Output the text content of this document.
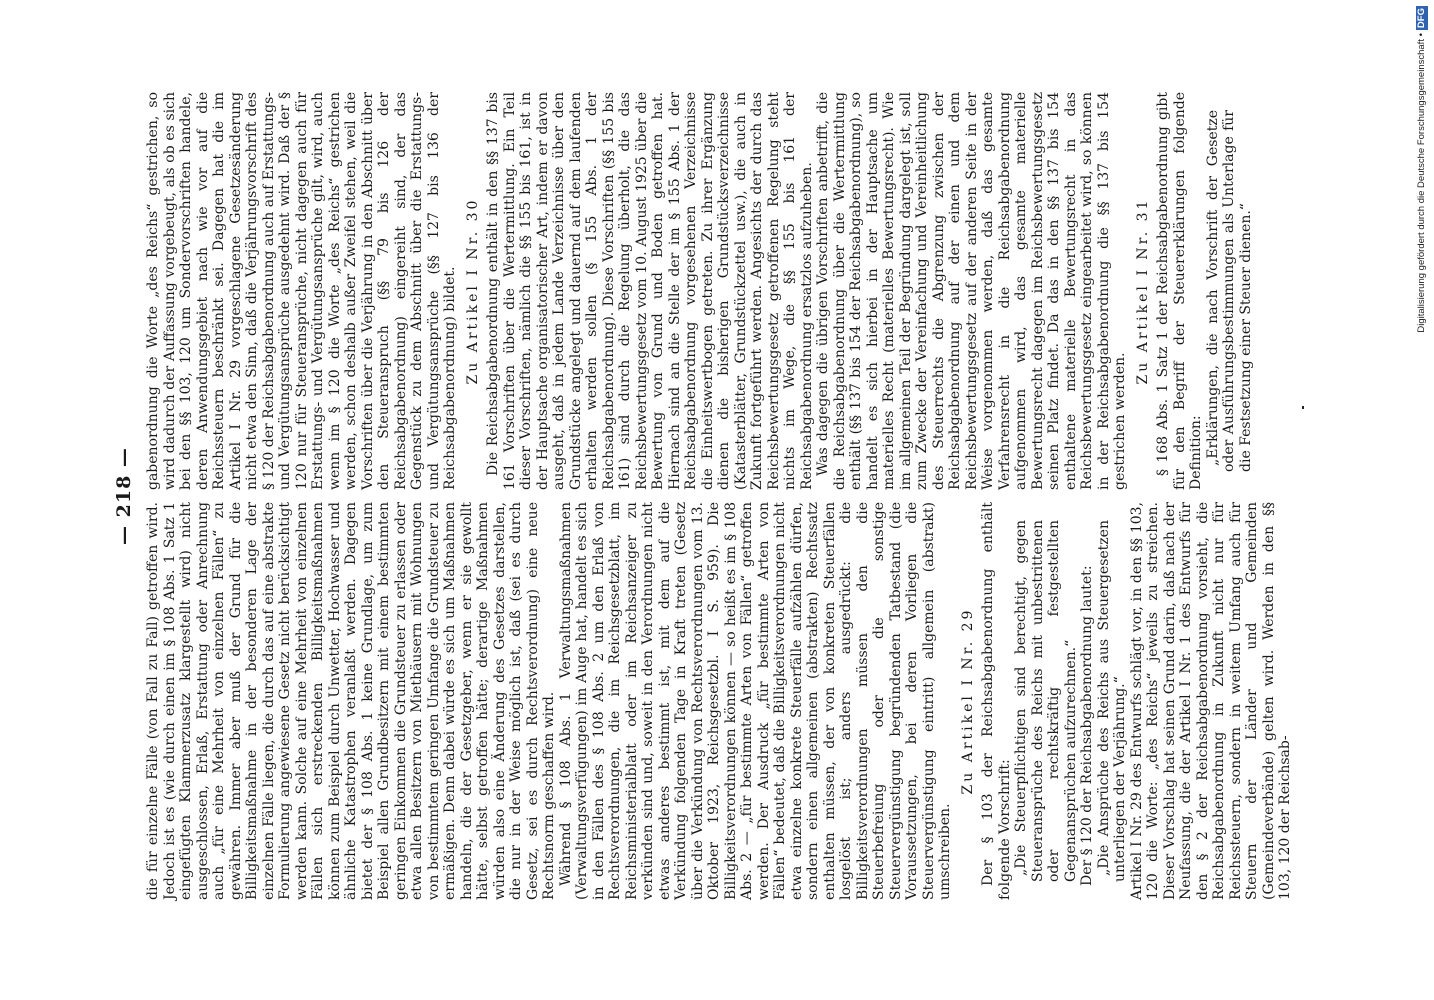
— 218 —

die für einzelne Fälle (von Fall zu Fall) getroffen wird. Jedoch ist es (wie durch einen im § 108 Abs. 1 Satz 1 eingefügten Klammerzusatz klargestellt wird) nicht ausgeschlossen, Erlaß, Erstattung oder Anrechnung auch „für eine Mehrheit von einzelnen Fällen“ zu gewähren. Immer aber muß der Grund für die Billigkeitsmaßnahme in der besonderen Lage der einzelnen Fälle liegen, die durch das auf eine abstrakte Formulierung angewiesene Gesetz nicht berücksichtigt werden kann. Solche auf eine Mehrheit von einzelnen Fällen sich erstreckenden Billigkeitsmaßnahmen können zum Beispiel durch Unwetter, Hochwasser und ähnliche Katastrophen veranlaßt werden. Dagegen bietet der § 108 Abs. 1 keine Grundlage, um zum Beispiel allen Grundbesitzern mit einem bestimmten geringen Einkommen die Grundsteuer zu erlassen oder etwa allen Besitzern von Miethäusern mit Wohnungen von bestimmtem geringen Umfange die Grundsteuer zu ermäßigen. Denn dabei würde es sich um Maßnahmen handeln, die der Gesetzgeber, wenn er sie gewollt hätte, selbst getroffen hätte; derartige Maßnahmen würden also eine Änderung des Gesetzes darstellen, die nur in der Weise möglich ist, daß (sei es durch Gesetz, sei es durch Rechtsverordnung) eine neue Rechtsnorm geschaffen wird. Während § 108 Abs. 1 Verwaltungsmaßnahmen (Verwaltungsverfügungen) im Auge hat, handelt es sich in den Fällen des § 108 Abs. 2 um den Erlaß von Rechtsverordnungen, die im Reichsgesetzblatt, im Reichsministerialblatt oder im Reichsanzeiger zu verkünden sind und, soweit in den Verordnungen nicht etwas anderes bestimmt ist, mit dem auf die Verkündung folgenden Tage in Kraft treten (Gesetz über die Verkündung von Rechtsverordnungen vom 13. Oktober 1923, Reichsgesetzbl. I S. 959). Die Billigkeitsverordnungen können — so heißt es im § 108 Abs. 2 — „für bestimmte Arten von Fällen“ getroffen werden. Der Ausdruck „für bestimmte Arten von Fällen“ bedeutet, daß die Billigkeitsverordnungen nicht etwa einzelne konkrete Steuerfälle aufzählen dürfen, sondern einen allgemeinen (abstrakten) Rechtssatz enthalten müssen, der von konkreten Steuerfällen losgelöst ist; anders ausgedrückt: die Billigkeitsverordnungen müssen den die Steuerbefreiung oder die sonstige Steuervergünstigung begründenden Tatbestand (die Voraussetzungen, bei deren Vorliegen die Steuervergünstigung eintritt) allgemein (abstrakt) umschreiben.

Zu Artikel I Nr. 29 Der § 103 der Reichsabgabenordnung enthält folgende Vorschrift: „Die Steuerpflichtigen sind berechtigt, gegen Steueransprüche des Reichs mit unbestrittenen oder rechtskräftig festgestellten Gegenansprüchen aufzurechnen.“ Der § 120 der Reichsabgabenordnung lautet: „Die Ansprüche des Reichs aus Steuergesetzen unterliegen der Verjährung.“ Artikel I Nr. 29 des Entwurfs schlägt vor, in den §§ 103, 120 die Worte: „des Reichs“ jeweils zu streichen. Dieser Vorschlag hat seinen Grund darin, daß nach der Neufassung, die der Artikel I Nr. 1 des Entwurfs für den § 2 der Reichsabgabenordnung vorsieht, die Reichsabgabenordnung in Zukunft nicht nur für Reichssteuern, sondern in weitem Umfang auch für Steuern der Länder und Gemeinden (Gemeindeverbände) gelten wird. Werden in den §§ 103, 120 der Reichsab-

gabenordnung die Worte „des Reichs“ gestrichen, so wird dadurch der Auffassung vorgebeugt, als ob es sich bei den §§ 103, 120 um Sondervorschriften handele, deren Anwendungsgebiet nach wie vor auf die Reichssteuern beschränkt sei. Dagegen hat die im Artikel I Nr. 29 vorgeschlagene Gesetzesänderung nicht etwa den Sinn, daß die Verjährungsvorschrift des § 120 der Reichsabgabenordnung auch auf Erstattungs- und Vergütungsansprüche ausgedehnt wird. Daß der § 120 nur für Steueransprüche, nicht dagegen auch für Erstattungs- und Vergütungsansprüche gilt, wird, auch wenn im § 120 die Worte „des Reichs“ gestrichen werden, schon deshalb außer Zweifel stehen, weil die Vorschriften über die Verjährung in den Abschnitt über den Steueranspruch (§§ 79 bis 126 der Reichsabgabenordnung) eingereiht sind, der das Gegenstück zu dem Abschnitt über die Erstattungs- und Vergütungsansprüche (§§ 127 bis 136 der Reichsabgabenordnung) bildet. Zu Artikel I Nr. 30 Die Reichsabgabenordnung enthält in den §§ 137 bis 161 Vorschriften über die Wertermittlung. Ein Teil dieser Vorschriften, nämlich die §§ 155 bis 161, ist in der Hauptsache organisatorischer Art, indem er davon ausgeht, daß in jedem Lande Verzeichnisse über den Grundstücke angelegt und dauernd auf dem laufenden erhalten werden sollen (§ 155 Abs. 1 der Reichsabgabenordnung). Diese Vorschriften (§§ 155 bis 161) sind durch die Regelung überholt, die das Reichsbewertungsgesetz vom 10. August 1925 über die Bewertung von Grund und Boden getroffen hat. Hiernach sind an die Stelle der im § 155 Abs. 1 der Reichsabgabenordnung vorgesehenen Verzeichnisse die Einheitswertbogen getreten. Zu ihrer Ergänzung dienen die bisherigen Grundstücksverzeichnisse (Katasterblätter, Grundstückzettel usw.), die auch in Zukunft fortgeführt werden. Angesichts der durch das Reichsbewertungsgesetz getroffenen Regelung steht nichts im Wege, die §§ 155 bis 161 der Reichsabgabenordnung ersatzlos aufzuheben. Was dagegen die übrigen Vorschriften anbetrifft, die die Reichsabgabenordnung über die Wertermittlung enthält (§§ 137 bis 154 der Reichsabgabenordnung), so handelt es sich hierbei in der Hauptsache um materielles Recht (materielles Bewertungsrecht). Wie im allgemeinen Teil der Begründung dargelegt ist, soll zum Zwecke der Vereinfachung und Vereinheitlichung des Steuerrechts die Abgrenzung zwischen der Reichsabgabenordnung auf der einen und dem Reichsbewertungsgesetz auf der anderen Seite in der Weise vorgenommen werden, daß das gesamte Verfahrensrecht in die Reichsabgabenordnung aufgenommen wird, das gesamte materielle Bewertungsrecht dagegen im Reichsbewertungsgesetz seinen Platz findet. Da das in den §§ 137 bis 154 enthaltene materielle Bewertungsrecht in das Reichsbewertungsgesetz eingearbeitet wird, so können in der Reichsabgabenordnung die §§ 137 bis 154 gestrichen werden.

Zu Artikel I Nr. 31 § 168 Abs. 1 Satz 1 der Reichsabgabenordnung gibt für den Begriff der Steuererklärungen folgende Definition: „Erklärungen, die nach Vorschrift der Gesetze oder Ausführungsbestimmungen als Unterlage für die Festsetzung einer Steuer dienen.“

Digitalisierung gefördert durch die Deutsche Forschungsgemeinschaft •DFG
